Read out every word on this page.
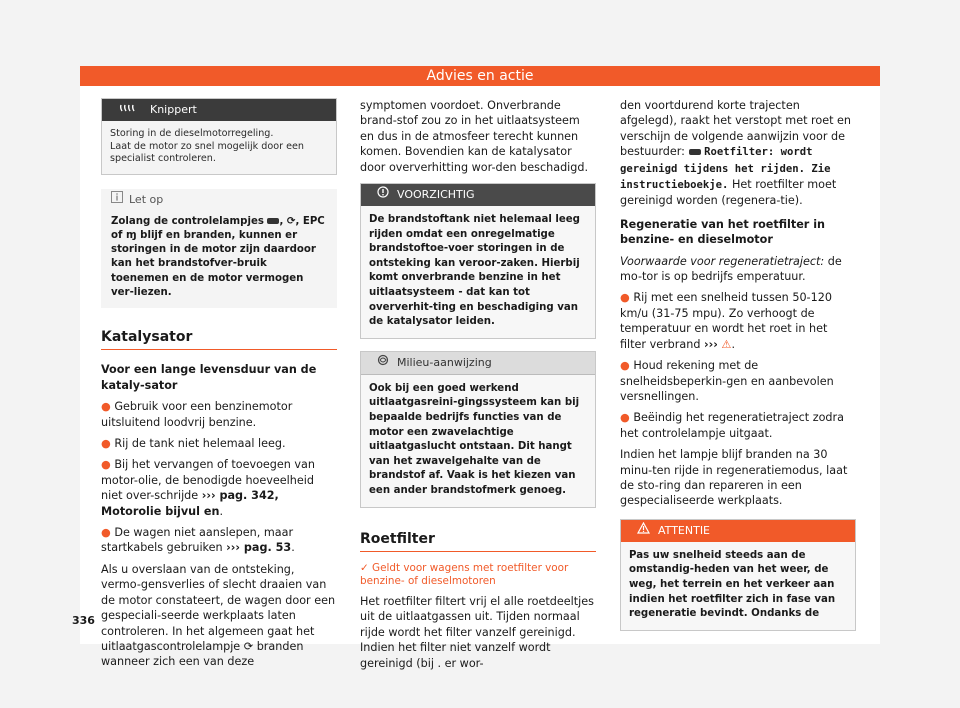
Advies en actie
Knippert
Storing in de dieselmotorregeling.
Laat de motor zo snel mogelijk door een specialist controleren.
Let op
Zolang de controlelampjes , ⟳, EPC of ɱ blijf en branden, kunnen er storingen in de motor zijn daardoor kan het brandstofver-bruik toenemen en de motor vermogen ver-liezen.
Katalysator

Voor een lange levensduur van de kataly-sator

● Gebruik voor een benzinemotor uitsluitend loodvrij benzine.

● Rij de tank niet helemaal leeg.

● Bij het vervangen of toevoegen van motor-olie, de benodigde hoeveelheid niet over-schrijde ››› pag. 342, Motorolie bijvul en.

● De wagen niet aanslepen, maar startkabels gebruiken ››› pag. 53.

Als u overslaan van de ontsteking, vermo-gensverlies of slecht draaien van de motor constateert, de wagen door een gespeciali-seerde werkplaats laten controleren. In het algemeen gaat het uitlaatgascontrolelampje ⟳ branden wanneer zich een van deze

336

symptomen voordoet. Onverbrande brand-stof zou zo in het uitlaatsysteem en dus in de atmosfeer terecht kunnen komen. Bovendien kan de katalysator door oververhitting wor-den beschadigd.

VOORZICHTIG
De brandstoftank niet helemaal leeg rijden omdat een onregelmatige brandstoftoe-voer storingen in de ontsteking kan veroor-zaken. Hierbij komt onverbrande benzine in het uitlaatsysteem - dat kan tot oververhit-ting en beschadiging van de katalysator leiden.
Milieu-aanwijzing
Ook bij een goed werkend uitlaatgasreini-gingssysteem kan bij bepaalde bedrijfs functies van de motor een zwavelachtige uitlaatgaslucht ontstaan. Dit hangt van het zwavelgehalte van de brandstof af. Vaak is het kiezen van een ander brandstofmerk genoeg.
Roetfilter

✓ Geldt voor wagens met roetfilter voor benzine- of dieselmotoren

Het roetfilter filtert vrij el alle roetdeeltjes uit de uitlaatgassen uit. Tijden normaal rijde wordt het filter vanzelf gereinigd. Indien het filter niet vanzelf wordt gereinigd (bij . er wor-

den voortdurend korte trajecten afgelegd), raakt het verstopt met roet en verschijn de volgende aanwijzin voor de bestuurder: Roetfilter: wordt gereinigd tijdens het rijden. Zie instructieboekje. Het roetfilter moet gereinigd worden (regenera-tie).

Regeneratie van het roetfilter in benzine- en dieselmotor

Voorwaarde voor regeneratietraject: de mo-tor is op bedrijfs emperatuur.

● Rij met een snelheid tussen 50-120 km/u (31-75 mpu). Zo verhoogt de temperatuur en wordt het roet in het filter verbrand ››› ⚠.

● Houd rekening met de snelheidsbeperkin-gen en aanbevolen versnellingen.

● Beëindig het regeneratietraject zodra het controlelampje uitgaat.

Indien het lampje blijf branden na 30 minu-ten rijde in regeneratiemodus, laat de sto-ring dan repareren in een gespecialiseerde werkplaats.

ATTENTIE
Pas uw snelheid steeds aan de omstandig-heden van het weer, de weg, het terrein en het verkeer aan indien het roetfilter zich in fase van regeneratie bevindt. Ondanks de
